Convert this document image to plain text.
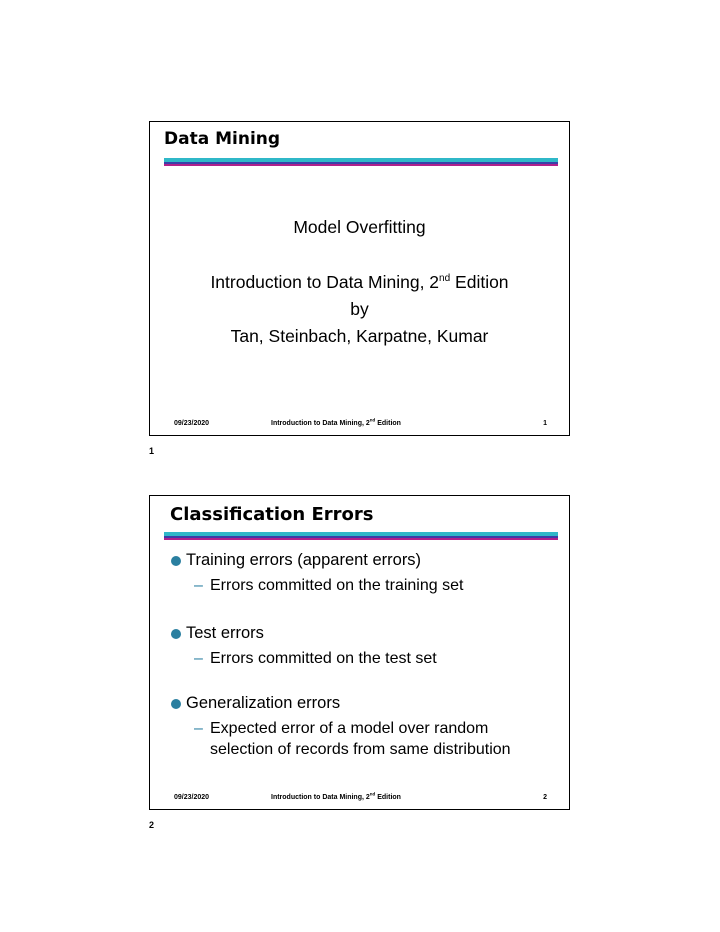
Data Mining
Model Overfitting
Introduction to Data Mining, 2nd Edition
by
Tan, Steinbach, Karpatne, Kumar
09/23/2020	Introduction to Data Mining, 2nd Edition	1
1
Classification Errors
Training errors (apparent errors)
– Errors committed on the training set
Test errors
– Errors committed on the test set
Generalization errors
– Expected error of a model over random selection of records from same distribution
09/23/2020	Introduction to Data Mining, 2nd Edition	2
2
